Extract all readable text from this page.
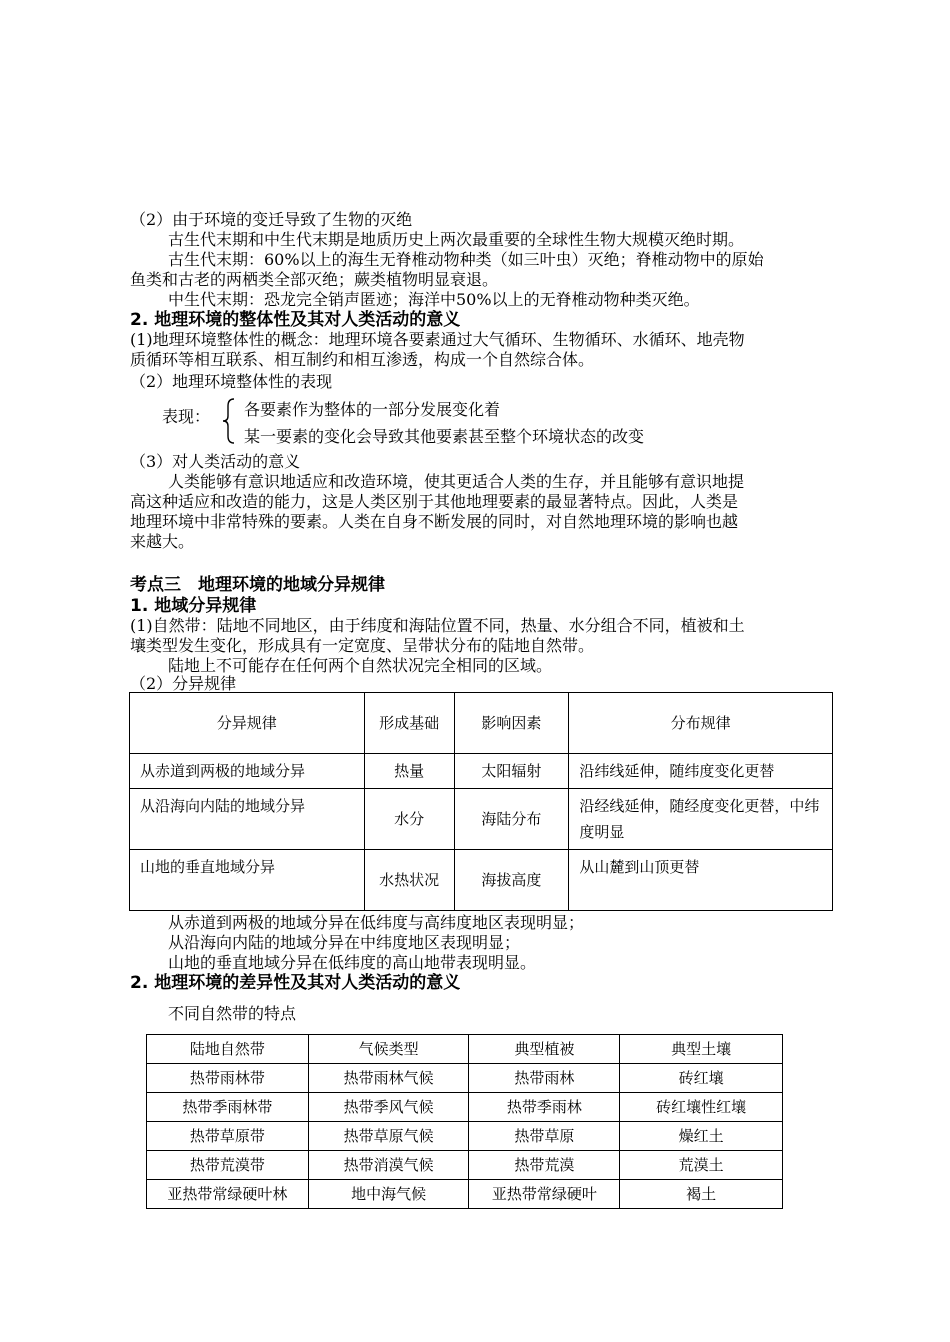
（2）由于环境的变迁导致了生物的灭绝
古生代末期和中生代末期是地质历史上两次最重要的全球性生物大规模灭绝时期。
古生代末期：60%以上的海生无脊椎动物种类（如三叶虫）灭绝；脊椎动物中的原始
鱼类和古老的两栖类全部灭绝；蕨类植物明显衰退。
中生代末期：恐龙完全销声匿迹；海洋中50%以上的无脊椎动物种类灭绝。
2. 地理环境的整体性及其对人类活动的意义
(1)地理环境整体性的概念：地理环境各要素通过大气循环、生物循环、水循环、地壳物
质循环等相互联系、相互制约和相互渗透，构成一个自然综合体。
（2）地理环境整体性的表现
表现：	各要素作为整体的一部分发展变化着
某一要素的变化会导致其他要素甚至整个环境状态的改变
（3）对人类活动的意义
人类能够有意识地适应和改造环境，使其更适合人类的生存，并且能够有意识地提
高这种适应和改造的能力，这是人类区别于其他地理要素的最显著特点。因此，人类是
地理环境中非常特殊的要素。人类在自身不断发展的同时，对自然地理环境的影响也越
来越大。
考点三　地理环境的地域分异规律
1. 地域分异规律
(1)自然带：陆地不同地区，由于纬度和海陆位置不同，热量、水分组合不同，植被和土
壤类型发生变化，形成具有一定宽度、呈带状分布的陆地自然带。
陆地上不可能存在任何两个自然状况完全相同的区域。
（2）分异规律
分异规律	形成基础	影响因素	分布规律
从赤道到两极的地域分异	热量	太阳辐射	沿纬线延伸，随纬度变化更替
从沿海向内陆的地域分异	水分	海陆分布	沿经线延伸，随经度变化更替，中纬度明显
山地的垂直地域分异	水热状况	海拔高度	从山麓到山顶更替
从赤道到两极的地域分异在低纬度与高纬度地区表现明显；
从沿海向内陆的地域分异在中纬度地区表现明显；
山地的垂直地域分异在低纬度的高山地带表现明显。
2. 地理环境的差异性及其对人类活动的意义
不同自然带的特点
陆地自然带	气候类型	典型植被	典型土壤
热带雨林带	热带雨林气候	热带雨林	砖红壤
热带季雨林带	热带季风气候	热带季雨林	砖红壤性红壤
热带草原带	热带草原气候	热带草原	燥红土
热带荒漠带	热带消漠气候	热带荒漠	荒漠土
亚热带常绿硬叶林	地中海气候	亚热带常绿硬叶	褐土
